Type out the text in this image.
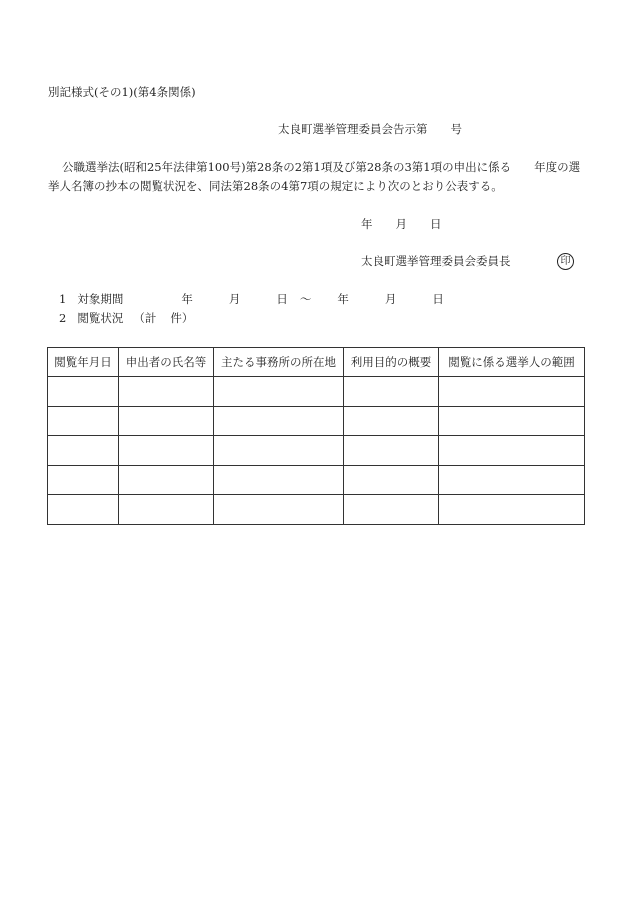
別記様式(その1)(第4条関係)
太良町選挙管理委員会告示第　　号
公職選挙法(昭和25年法律第100号)第28条の2第1項及び第28条の3第1項の申出に係る　　年度の選
挙人名簿の抄本の閲覧状況を、同法第28条の4第7項の規定により次のとおり公表する。
年　　月　　日
太良町選挙管理委員会委員長	印
1 対象期間	年	月	日 ～ 年	月	日
2 閲覧状況 （計 件）
閲覧年月日	申出者の氏名等	主たる事務所の所在地	利用目的の概要	閲覧に係る選挙人の範囲
